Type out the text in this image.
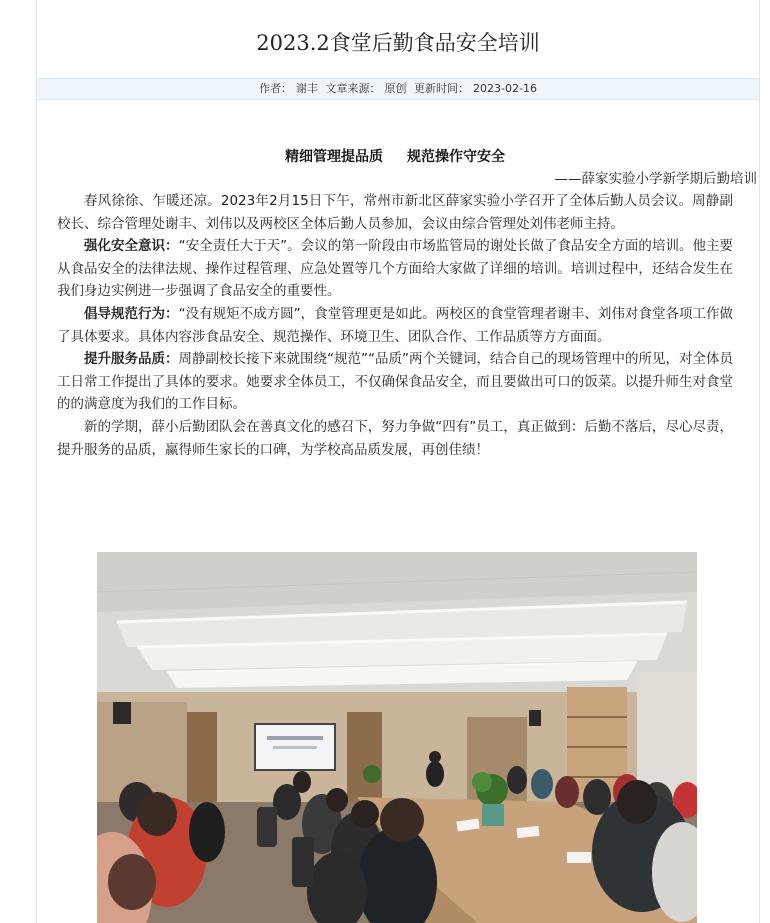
2023.2食堂后勤食品安全培训
作者： 谢丰 文章来源： 原创 更新时间： 2023-02-16
精细管理提品质 规范操作守安全
——薛家实验小学新学期后勤培训

春风徐徐、乍暖还凉。2023年2月15日下午，常州市新北区薛家实验小学召开了全体后勤人员会议。周静副校长、综合管理处谢丰、刘伟以及两校区全体后勤人员参加，会议由综合管理处刘伟老师主持。

强化安全意识：“安全责任大于天”。会议的第一阶段由市场监管局的谢处长做了食品安全方面的培训。他主要从食品安全的法律法规、操作过程管理、应急处置等几个方面给大家做了详细的培训。培训过程中，还结合发生在我们身边实例进一步强调了食品安全的重要性。

倡导规范行为：“没有规矩不成方圆”，食堂管理更是如此。两校区的食堂管理者谢丰、刘伟对食堂各项工作做了具体要求。具体内容涉食品安全、规范操作、环境卫生、团队合作、工作品质等方方面面。

提升服务品质：周静副校长接下来就围绕“规范”“品质”两个关键词，结合自己的现场管理中的所见，对全体员工日常工作提出了具体的要求。她要求全体员工，不仅确保食品安全，而且要做出可口的饭菜。以提升师生对食堂的的满意度为我们的工作目标。

新的学期，薛小后勤团队会在善真文化的感召下，努力争做“四有”员工，真正做到：后勤不落后，尽心尽责，提升服务的品质，赢得师生家长的口碑，为学校高品质发展，再创佳绩！
